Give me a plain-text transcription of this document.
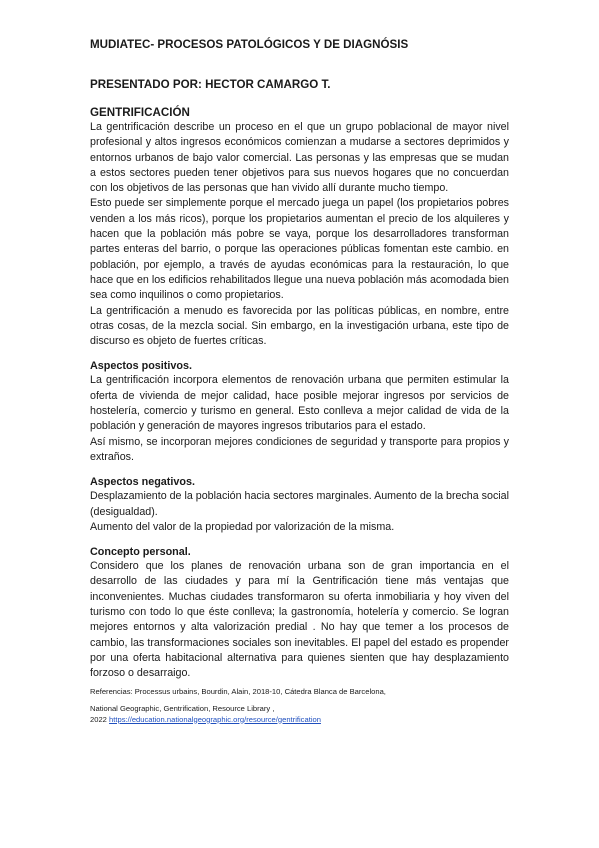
MUDIATEC- PROCESOS PATOLÓGICOS Y DE DIAGNÓSIS
PRESENTADO POR: HECTOR CAMARGO T.
GENTRIFICACIÓN

La gentrificación describe un proceso en el que un grupo poblacional de mayor nivel profesional y altos ingresos económicos comienzan a mudarse a sectores deprimidos y entornos urbanos de bajo valor comercial. Las personas y las empresas que se mudan a estos sectores pueden tener objetivos para sus nuevos hogares que no concuerdan con los objetivos de las personas que han vivido allí durante mucho tiempo.

Esto puede ser simplemente porque el mercado juega un papel (los propietarios pobres venden a los más ricos), porque los propietarios aumentan el precio de los alquileres y hacen que la población más pobre se vaya, porque los desarrolladores transforman partes enteras del barrio, o porque las operaciones públicas fomentan este cambio. en población, por ejemplo, a través de ayudas económicas para la restauración, lo que hace que en los edificios rehabilitados llegue una nueva población más acomodada bien sea como inquilinos o como propietarios.

La gentrificación a menudo es favorecida por las políticas públicas, en nombre, entre otras cosas, de la mezcla social. Sin embargo, en la investigación urbana, este tipo de discurso es objeto de fuertes críticas.

Aspectos positivos.

La gentrificación incorpora elementos de renovación urbana que permiten estimular la oferta de vivienda de mejor calidad, hace posible mejorar ingresos por servicios de hostelería, comercio y turismo en general. Esto conlleva a mejor calidad de vida de la población y generación de mayores ingresos tributarios para el estado.

Así mismo, se incorporan mejores condiciones de seguridad y transporte para propios y extraños.

Aspectos negativos.

Desplazamiento de la población hacia sectores marginales. Aumento de la brecha social (desigualdad).

Aumento del valor de la propiedad por valorización de la misma.

Concepto personal.

Considero que los planes de renovación urbana son de gran importancia en el desarrollo de las ciudades y para mí la Gentrificación tiene más ventajas que inconvenientes. Muchas ciudades transformaron su oferta inmobiliaria y hoy viven del turismo con todo lo que éste conlleva; la gastronomía, hotelería y comercio. Se logran mejores entornos y alta valorización predial . No hay que temer a los procesos de cambio, las transformaciones sociales son inevitables. El papel del estado es propender por una oferta habitacional alternativa para quienes sienten que hay desplazamiento forzoso o desarraigo.

Referencias: Processus urbains, Bourdin, Alain, 2018-10, Cátedra Blanca de Barcelona,

National Geographic, Gentrification, Resource Library ,
2022 https://education.nationalgeographic.org/resource/gentrification
